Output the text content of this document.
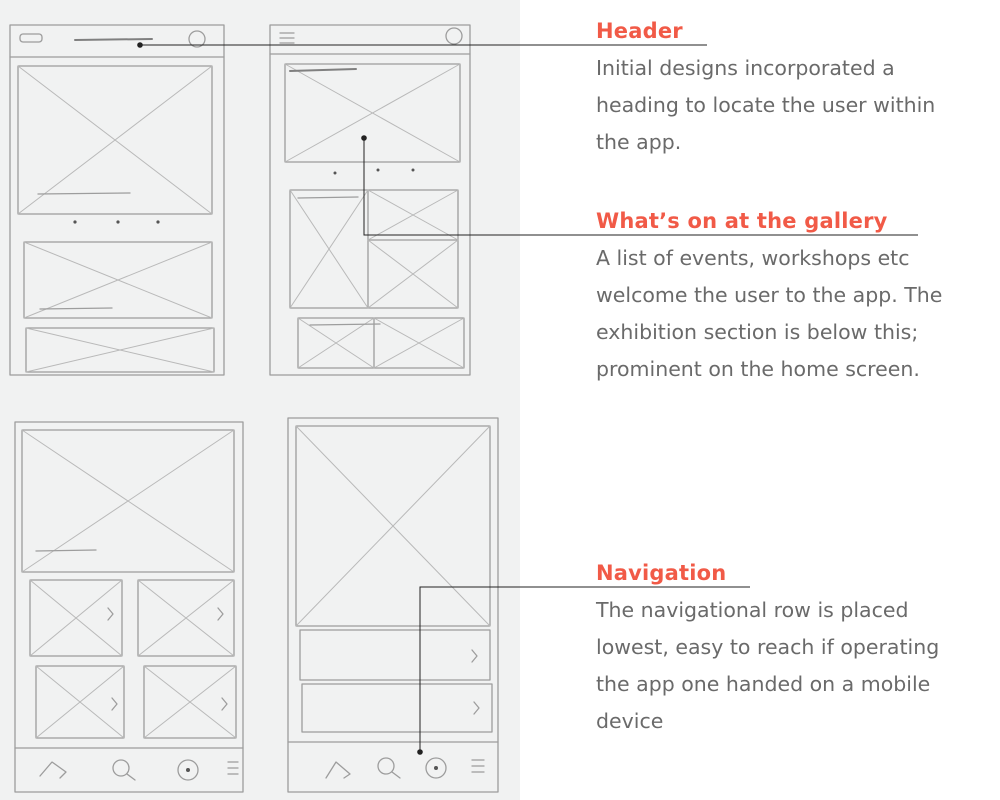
Header

Initial designs incorporated a
heading to locate the user within
the app.

What’s on at the gallery

A list of events, workshops etc
welcome the user to the app. The
exhibition section is below this;
prominent on the home screen.

Navigation

The navigational row is placed
lowest, easy to reach if operating
the app one handed on a mobile
device
